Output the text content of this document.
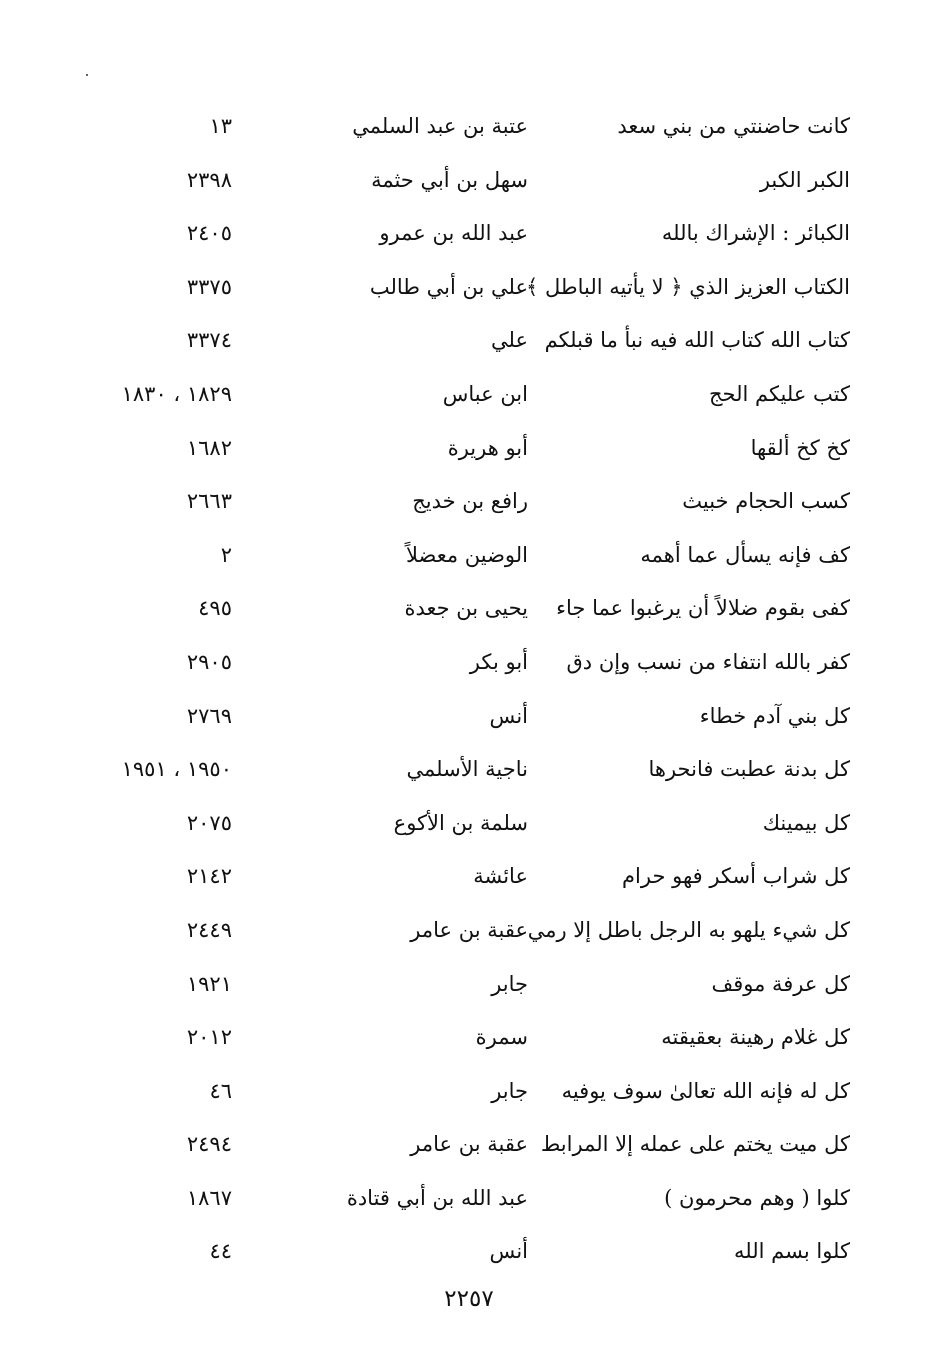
كانت حاضنتي من بني سعد
عتبة بن عبد السلمي
١٣
الكبر الكبر
سهل بن أبي حثمة
٢٣٩٨
الكبائر : الإشراك بالله
عبد الله بن عمرو
٢٤٠٥
الكتاب العزيز الذي ﴿ لا يأتيه الباطل ﴾
علي بن أبي طالب
٣٣٧٥
كتاب الله كتاب الله فيه نبأ ما قبلكم
علي
٣٣٧٤
كتب عليكم الحج
ابن عباس
١٨٢٩ ، ١٨٣٠
كخ كخ ألقها
أبو هريرة
١٦٨٢
كسب الحجام خبيث
رافع بن خديج
٢٦٦٣
كف فإنه يسأل عما أهمه
الوضين معضلاً
٢
كفى بقوم ضلالاً أن يرغبوا عما جاء
يحيى بن جعدة
٤٩٥
كفر بالله انتفاء من نسب وإن دق
أبو بكر
٢٩٠٥
كل بني آدم خطاء
أنس
٢٧٦٩
كل بدنة عطبت فانحرها
ناجية الأسلمي
١٩٥٠ ، ١٩٥١
كل بيمينك
سلمة بن الأكوع
٢٠٧٥
كل شراب أسكر فهو حرام
عائشة
٢١٤٢
كل شيء يلهو به الرجل باطل إلا رمي
عقبة بن عامر
٢٤٤٩
كل عرفة موقف
جابر
١٩٢١
كل غلام رهينة بعقيقته
سمرة
٢٠١٢
كل له فإنه الله تعالىٰ سوف يوفيه
جابر
٤٦
كل ميت يختم على عمله إلا المرابط
عقبة بن عامر
٢٤٩٤
كلوا ( وهم محرمون )
عبد الله بن أبي قتادة
١٨٦٧
كلوا بسم الله
أنس
٤٤
٢٢٥٧
